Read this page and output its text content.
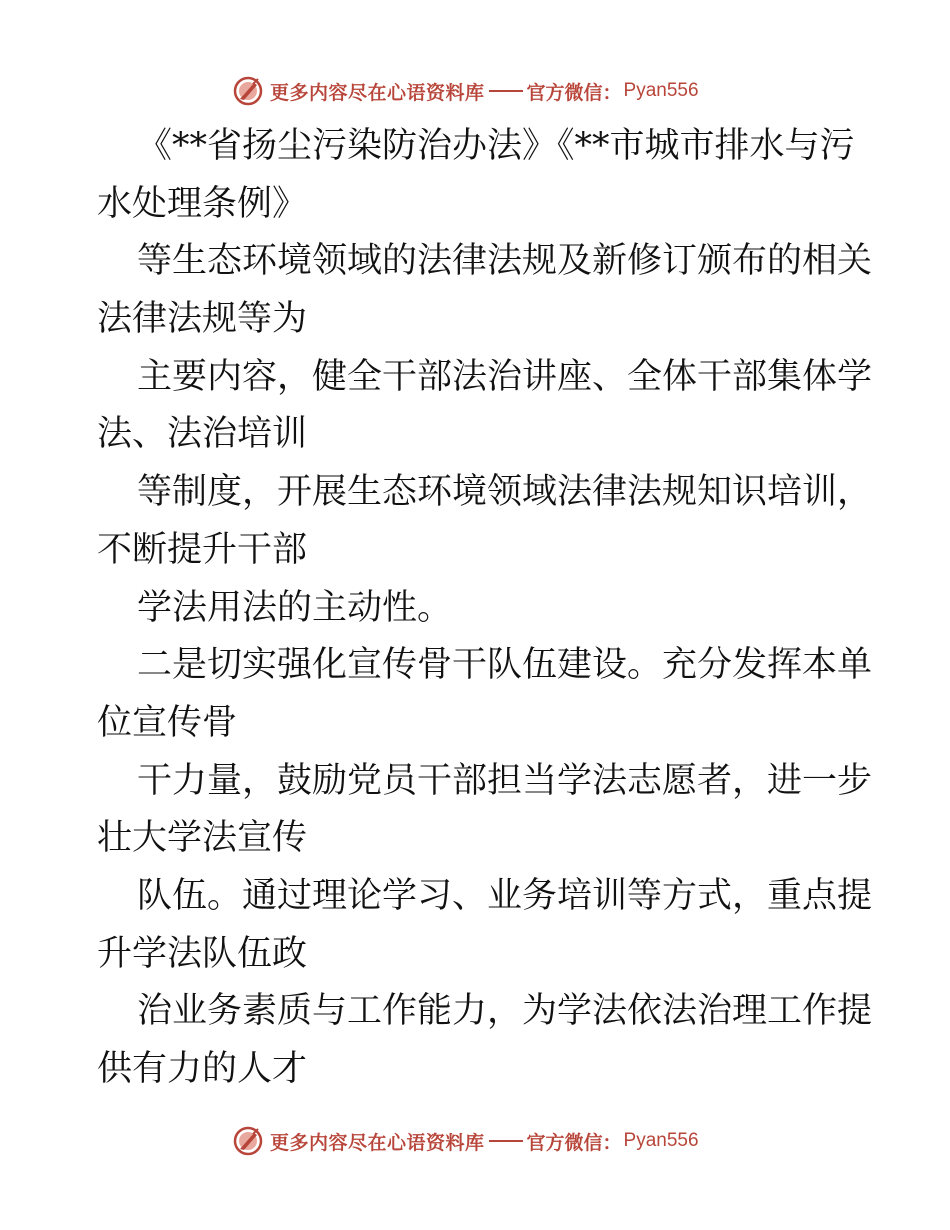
更多内容尽在心语资料库 官方微信： Pyan556
《**省扬尘污染防治办法》《**市城市排水与污
水处理条例》
等生态环境领域的法律法规及新修订颁布的相关
法律法规等为
主要内容，健全干部法治讲座、全体干部集体学
法、法治培训
等制度，开展生态环境领域法律法规知识培训，
不断提升干部
学法用法的主动性。
二是切实强化宣传骨干队伍建设。充分发挥本单
位宣传骨
干力量，鼓励党员干部担当学法志愿者，进一步
壮大学法宣传
队伍。通过理论学习、业务培训等方式，重点提
升学法队伍政
治业务素质与工作能力，为学法依法治理工作提
供有力的人才
更多内容尽在心语资料库 官方微信： Pyan556
